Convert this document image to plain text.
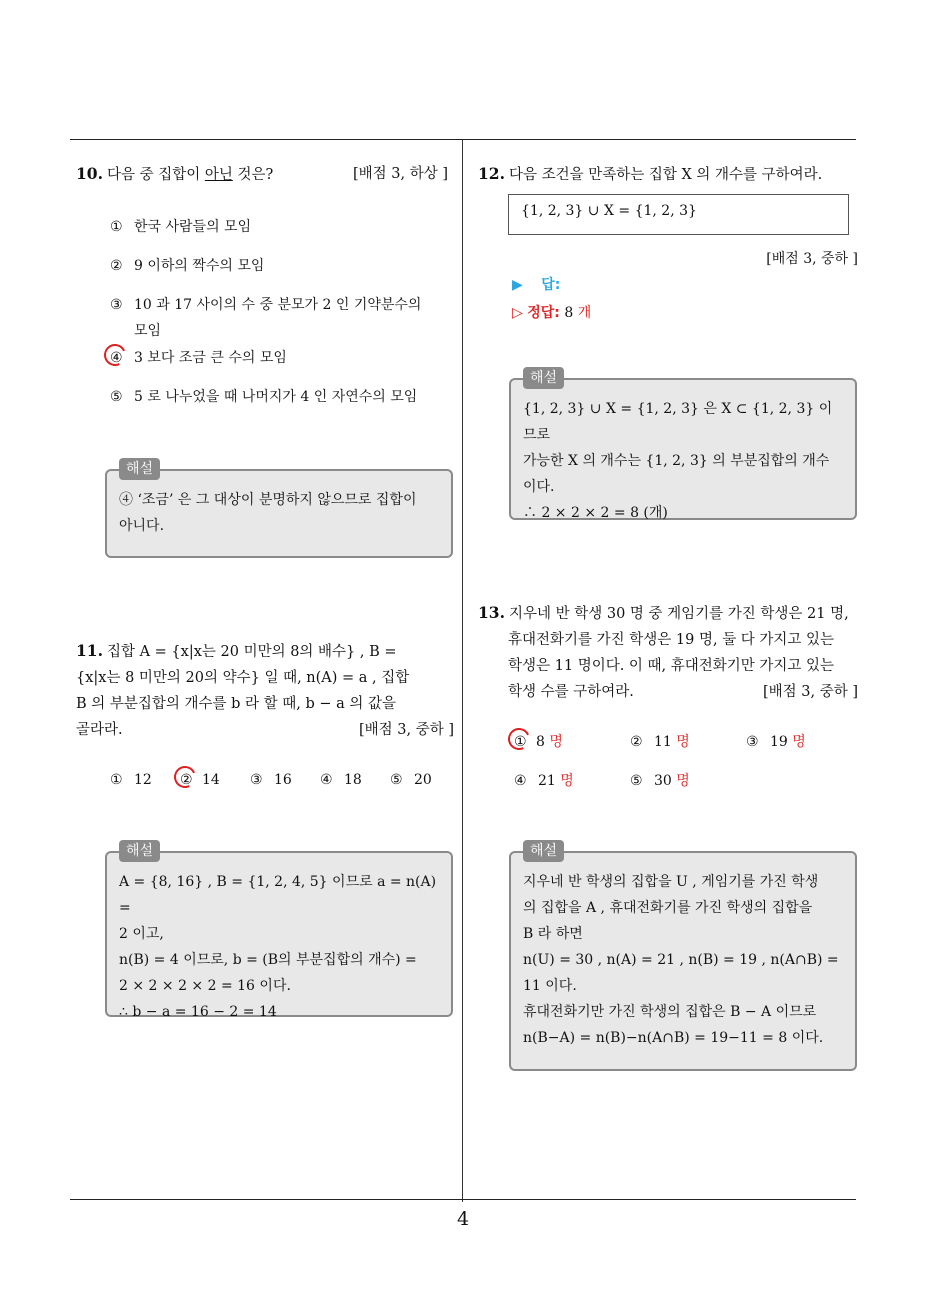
4
10. 다음 중 집합이 아닌 것은?	[배점 3, 하상 ]
① 한국 사람들의 모임
② 9 이하의 짝수의 모임
③ 10 과 17 사이의 수 중 분모가 2 인 기약분수의
모임
④ 3 보다 조금 큰 수의 모임
⑤ 5 로 나누었을 때 나머지가 4 인 자연수의 모임
해설
④ ‘조금’ 은 그 대상이 분명하지 않으므로 집합이
아니다.
11. 집합 A = {x|x는 20 미만의 8의 배수} , B =
{x|x는 8 미만의 20의 약수} 일 때, n(A) = a , 집합
B 의 부분집합의 개수를 b 라 할 때, b − a 의 값을
골라라.	[배점 3, 중하 ]
① 12 ② 14 ③ 16 ④ 18 ⑤ 20
해설
A = {8, 16} , B = {1, 2, 4, 5} 이므로 a = n(A) =
2 이고,
n(B) = 4 이므로, b = (B의 부분집합의 개수) =
2 × 2 × 2 × 2 = 16 이다.
∴ b − a = 16 − 2 = 14
12. 다음 조건을 만족하는 집합 X 의 개수를 구하여라.
{1, 2, 3} ∪ X = {1, 2, 3}
[배점 3, 중하 ]
▶ 답:
▷ 정답: 8 개
해설
{1, 2, 3} ∪ X = {1, 2, 3} 은 X ⊂ {1, 2, 3} 이므로
가능한 X 의 개수는 {1, 2, 3} 의 부분집합의 개수
이다.
∴ 2 × 2 × 2 = 8 (개)
13. 지우네 반 학생 30 명 중 게임기를 가진 학생은 21 명,
휴대전화기를 가진 학생은 19 명, 둘 다 가지고 있는
학생은 11 명이다. 이 때, 휴대전화기만 가지고 있는
학생 수를 구하여라.	[배점 3, 중하 ]
① 8 명	② 11 명	③ 19 명
④ 21 명	⑤ 30 명
해설
지우네 반 학생의 집합을 U , 게임기를 가진 학생
의 집합을 A , 휴대전화기를 가진 학생의 집합을
B 라 하면
n(U) = 30 , n(A) = 21 , n(B) = 19 , n(A∩B) =
11 이다.
휴대전화기만 가진 학생의 집합은 B − A 이므로
n(B−A) = n(B)−n(A∩B) = 19−11 = 8 이다.
